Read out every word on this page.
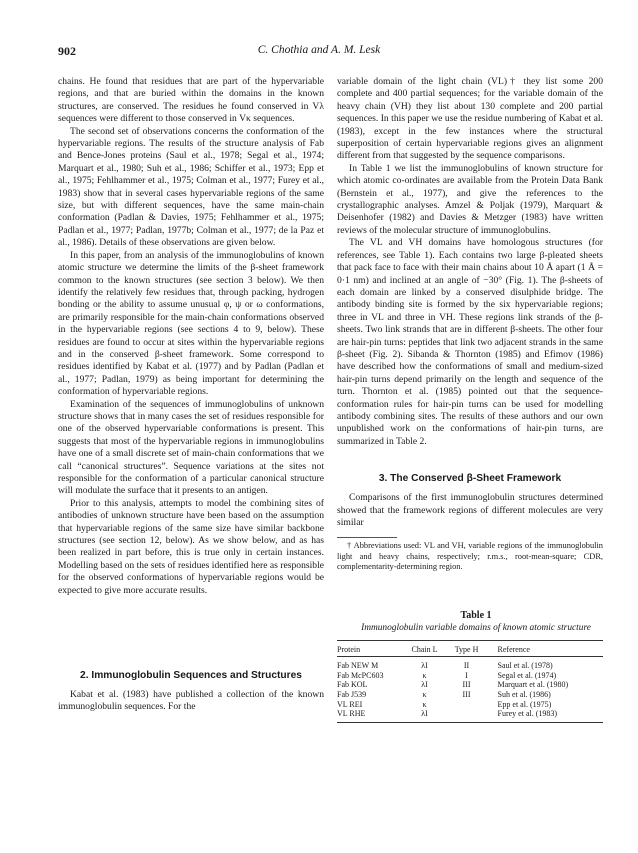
902	C. Chothia and A. M. Lesk

chains. He found that residues that are part of the hypervariable regions, and that are buried within the domains in the known structures, are conserved. The residues he found conserved in Vλ sequences were different to those conserved in Vκ sequences.

The second set of observations concerns the conformation of the hypervariable regions. The results of the structure analysis of Fab and Bence-Jones proteins (Saul et al., 1978; Segal et al., 1974; Marquart et al., 1980; Suh et al., 1986; Schiffer et al., 1973; Epp et al., 1975; Fehlhammer et al., 1975; Colman et al., 1977; Furey et al., 1983) show that in several cases hypervariable regions of the same size, but with different sequences, have the same main-chain conformation (Padlan & Davies, 1975; Fehlhammer et al., 1975; Padlan et al., 1977; Padlan, 1977b; Colman et al., 1977; de la Paz et al., 1986). Details of these observations are given below.

In this paper, from an analysis of the immunoglobulins of known atomic structure we determine the limits of the β-sheet framework common to the known structures (see section 3 below). We then identify the relatively few residues that, through packing, hydrogen bonding or the ability to assume unusual φ, ψ or ω conformations, are primarily responsible for the main-chain conformations observed in the hypervariable regions (see sections 4 to 9, below). These residues are found to occur at sites within the hypervariable regions and in the conserved β-sheet framework. Some correspond to residues identified by Kabat et al. (1977) and by Padlan (Padlan et al., 1977; Padlan, 1979) as being important for determining the conformation of hypervariable regions.

Examination of the sequences of immunoglobulins of unknown structure shows that in many cases the set of residues responsible for one of the observed hypervariable conformations is present. This suggests that most of the hypervariable regions in immunoglobulins have one of a small discrete set of main-chain conformations that we call “canonical structures”. Sequence variations at the sites not responsible for the conformation of a particular canonical structure will modulate the surface that it presents to an antigen.

Prior to this analysis, attempts to model the combining sites of antibodies of unknown structure have been based on the assumption that hypervariable regions of the same size have similar backbone structures (see section 12, below). As we show below, and as has been realized in part before, this is true only in certain instances. Modelling based on the sets of residues identified here as responsible for the observed conformations of hypervariable regions would be expected to give more accurate results.

2. Immunoglobulin Sequences and Structures

Kabat et al. (1983) have published a collection of the known immunoglobulin sequences. For the

variable domain of the light chain (VL)† they list some 200 complete and 400 partial sequences; for the variable domain of the heavy chain (VH) they list about 130 complete and 200 partial sequences. In this paper we use the residue numbering of Kabat et al. (1983), except in the few instances where the structural superposition of certain hypervariable regions gives an alignment different from that suggested by the sequence comparisons.

In Table 1 we list the immunoglobulins of known structure for which atomic co-ordinates are available from the Protein Data Bank (Bernstein et al., 1977), and give the references to the crystallographic analyses. Amzel & Poljak (1979), Marquart & Deisenhofer (1982) and Davies & Metzger (1983) have written reviews of the molecular structure of immunoglobulins.

The VL and VH domains have homologous structures (for references, see Table 1). Each contains two large β-pleated sheets that pack face to face with their main chains about 10 Å apart (1 Å = 0·1 nm) and inclined at an angle of −30° (Fig. 1). The β-sheets of each domain are linked by a conserved disulphide bridge. The antibody binding site is formed by the six hypervariable regions; three in VL and three in VH. These regions link strands of the β-sheets. Two link strands that are in different β-sheets. The other four are hair-pin turns: peptides that link two adjacent strands in the same β-sheet (Fig. 2). Sibanda & Thornton (1985) and Efimov (1986) have described how the conformations of small and medium-sized hair-pin turns depend primarily on the length and sequence of the turn. Thornton et al. (1985) pointed out that the sequence-conformation rules for hair-pin turns can be used for modelling antibody combining sites. The results of these authors and our own unpublished work on the conformations of hair-pin turns, are summarized in Table 2.

3. The Conserved β-Sheet Framework

Comparisons of the first immunoglobulin structures determined showed that the framework regions of different molecules are very similar

† Abbreviations used: VL and VH, variable regions of the immunoglobulin light and heavy chains, respectively; r.m.s., root-mean-square; CDR, complementarity-determining region.

Table 1

Immunoglobulin variable domains of known atomic structure

Protein	Chain L	Type H	Reference
Fab NEW M	λI	II	Saul et al. (1978)
Fab McPC603	κ	I	Segal et al. (1974)
Fab KOL	λI	III	Marquart et al. (1980)
Fab J539	κ	III	Suh et al. (1986)
VL REI	κ		Epp et al. (1975)
VL RHE	λI		Furey et al. (1983)
